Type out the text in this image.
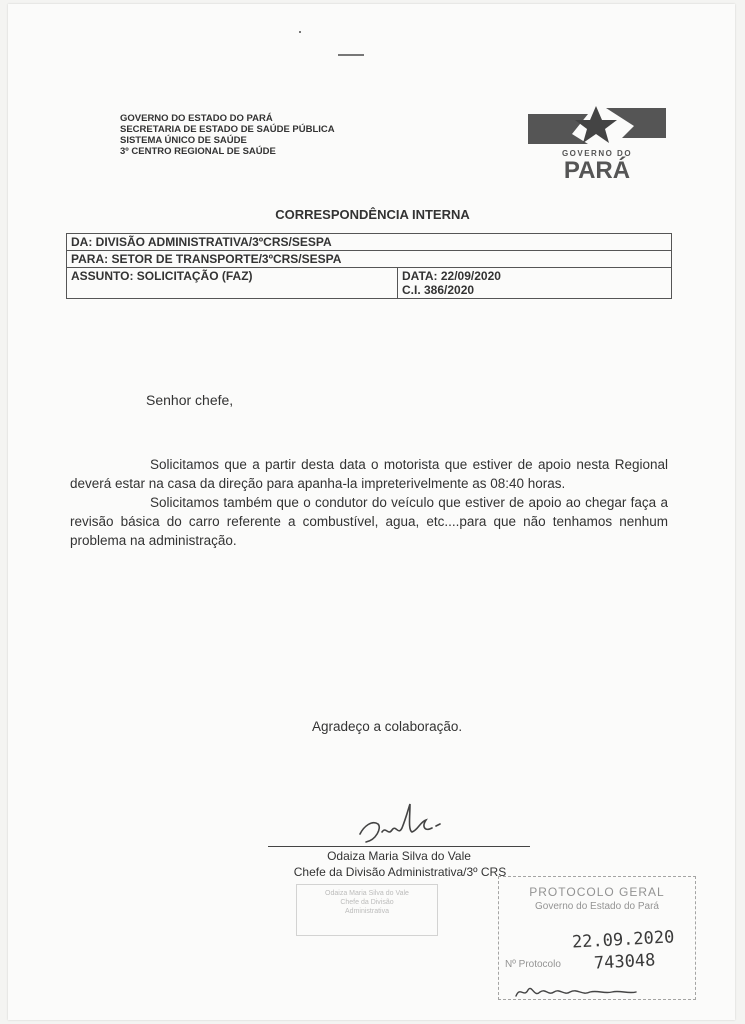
GOVERNO DO ESTADO DO PARÁ
SECRETARIA DE ESTADO DE SAÚDE PÚBLICA
SISTEMA ÚNICO DE SAÚDE
3º CENTRO REGIONAL DE SAÚDE	GOVERNO DO
PARÁ
CORRESPONDÊNCIA INTERNA
DA: DIVISÃO ADMINISTRATIVA/3ºCRS/SESPA
PARA: SETOR DE TRANSPORTE/3ºCRS/SESPA
ASSUNTO: SOLICITAÇÃO (FAZ)	DATA: 22/09/2020
C.I. 386/2020
Senhor chefe,

Solicitamos que a partir desta data o motorista que estiver de apoio nesta Regional deverá estar na casa da direção para apanha-la impreterivelmente as 08:40 horas.

Solicitamos também que o condutor do veículo que estiver de apoio ao chegar faça a revisão básica do carro referente a combustível, agua, etc....para que não tenhamos nenhum problema na administração.

Agradeço a colaboração.
Odaiza Maria Silva do Vale
Chefe da Divisão Administrativa/3º CRS
Odaiza Maria Silva do Vale
Chefe da Divisão
Administrativa
PROTOCOLO GERAL
Governo do Estado do Pará
Nº Protocolo
22.09.2020
743048
